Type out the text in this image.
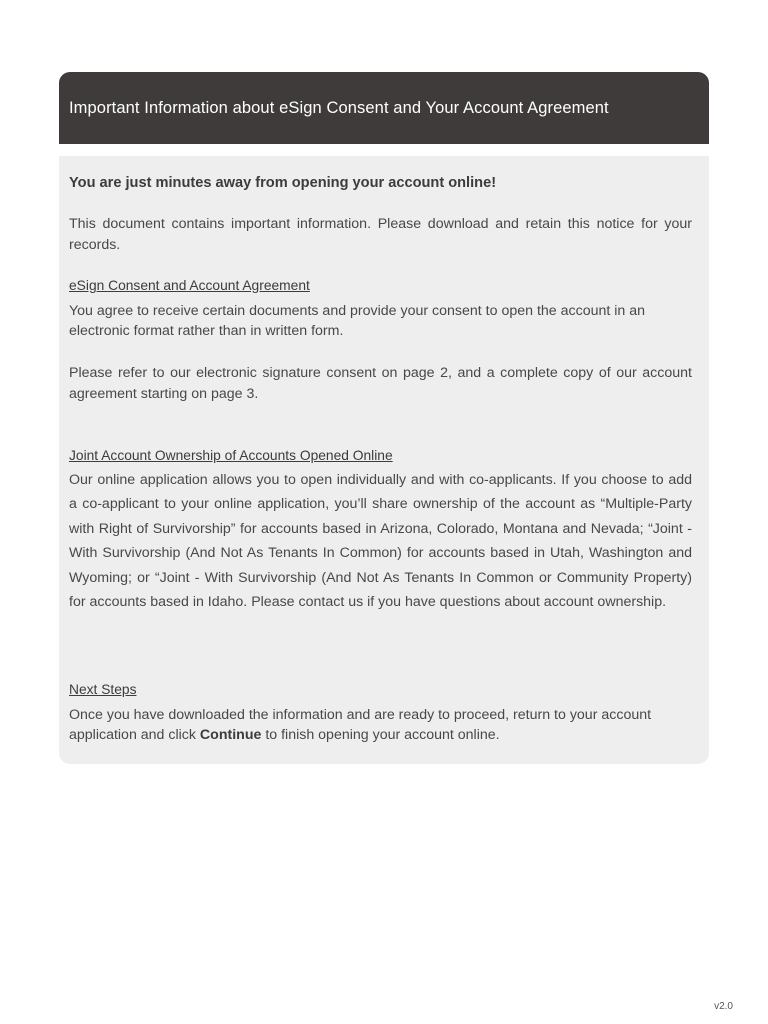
Important Information about eSign Consent and Your Account Agreement
You are just minutes away from opening your account online!
This document contains important information. Please download and retain this notice for your records.
eSign Consent and Account Agreement
You agree to receive certain documents and provide your consent to open the account in an electronic format rather than in written form.
Please refer to our electronic signature consent on page 2, and a complete copy of our account agreement starting on page 3.
Joint Account Ownership of Accounts Opened Online
Our online application allows you to open individually and with co-applicants. If you choose to add a co-applicant to your online application, you’ll share ownership of the account as “Multiple-Party with Right of Survivorship” for accounts based in Arizona, Colorado, Montana and Nevada; “Joint - With Survivorship (And Not As Tenants In Common) for accounts based in Utah, Washington and Wyoming; or “Joint - With Survivorship (And Not As Tenants In Common or Community Property) for accounts based in Idaho. Please contact us if you have questions about account ownership.
Next Steps
Once you have downloaded the information and are ready to proceed, return to your account application and click Continue to finish opening your account online.
v2.0
